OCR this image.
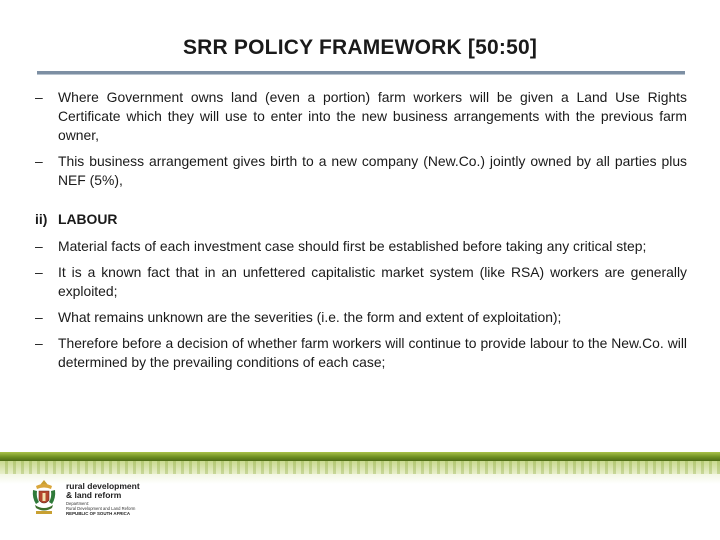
SRR POLICY FRAMEWORK [50:50]
– Where Government owns land (even a portion) farm workers will be given a Land Use Rights Certificate which they will use to enter into the new business arrangements with the previous farm owner,
– This business arrangement gives birth to a new company (New.Co.) jointly owned by all parties plus NEF (5%),
ii) LABOUR
– Material facts of each investment case should first be established before taking any critical step;
– It is a known fact that in an unfettered capitalistic market system (like RSA) workers are generally exploited;
– What remains unknown are the severities (i.e. the form and extent of exploitation);
– Therefore before a decision of whether farm workers will continue to provide labour to the New.Co. will determined by the prevailing conditions of each case;
rural development
& land reform
Department:
Rural Development and Land Reform
REPUBLIC OF SOUTH AFRICA
